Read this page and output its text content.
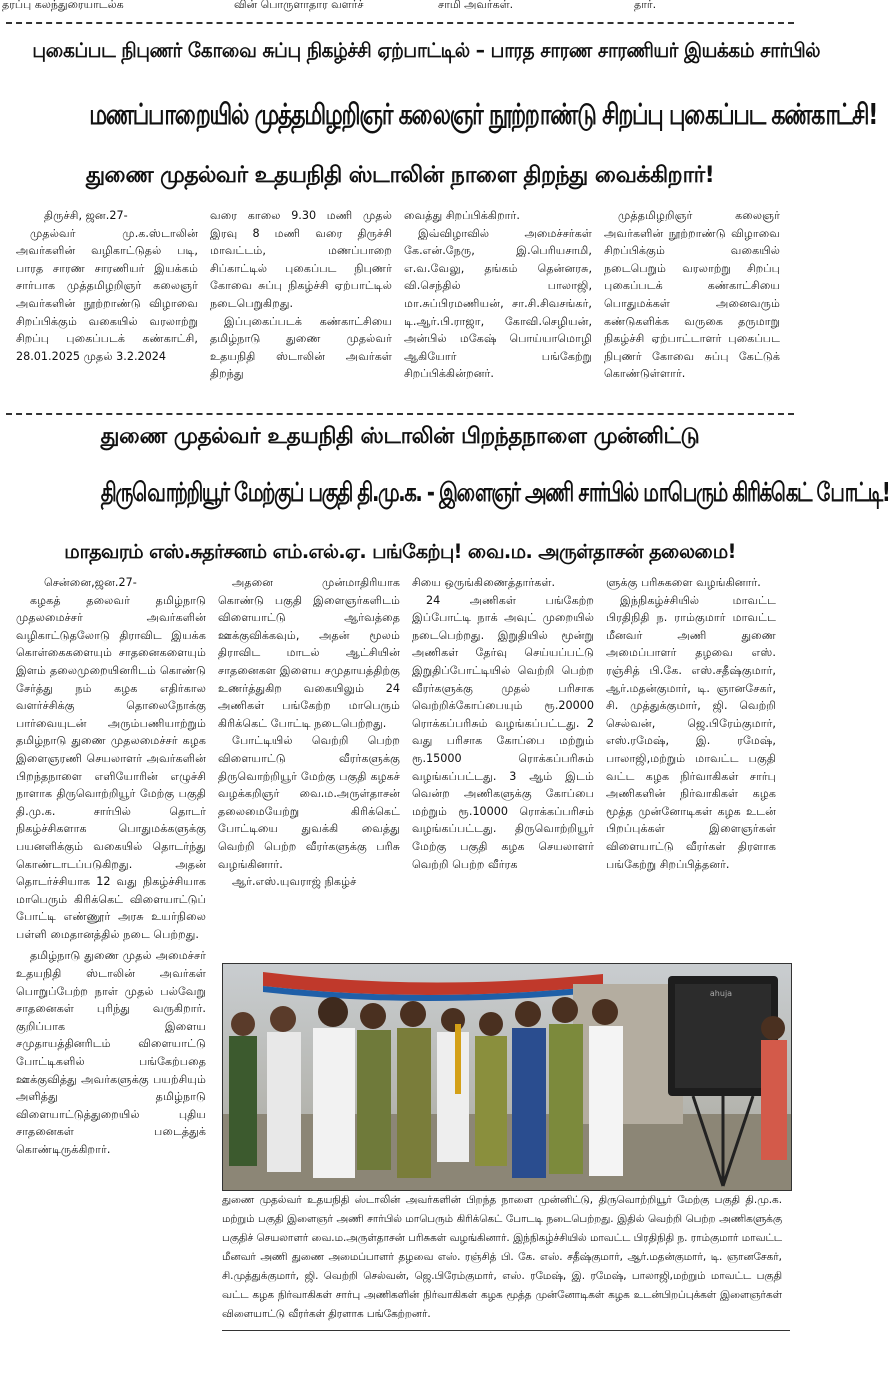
தரப்பு கலந்துரையாடல்க	வின் பொருளாதார வளர்ச்	சாமி அவர்கள்.	தார்.
புகைப்பட நிபுணர் கோவை சுப்பு நிகழ்ச்சி ஏற்பாட்டில் – பாரத சாரண சாரணியர் இயக்கம் சார்பில்
மணப்பாறையில் முத்தமிழறிஞர் கலைஞர் நூற்றாண்டு சிறப்பு புகைப்பட கண்காட்சி!
துணை முதல்வர் உதயநிதி ஸ்டாலின் நாளை திறந்து வைக்கிறார்!

திருச்சி, ஜன.27-

முதல்வர் மு.க.ஸ்டாலின் அவர்களின் வழிகாட்டுதல் படி, பாரத சாரண சாரணியர் இயக்கம் சார்பாக முத்தமிழறிஞர் கலைஞர் அவர்களின் நூற்றாண்டு விழாவை சிறப்பிக்கும் வகையில் வரலாற்று சிறப்பு புகைப்படக் கண்காட்சி, 28.01.2025 முதல் 3.2.2024

வரை காலை 9.30 மணி முதல் இரவு 8 மணி வரை திருச்சி மாவட்டம், மணப்பாறை சிப்காட்டில் புகைப்பட நிபுணர் கோவை சுப்பு நிகழ்ச்சி ஏற்பாட்டில் நடைபெறுகிறது.

இப்புகைப்படக் கண்காட்சியை தமிழ்நாடு துணை முதல்வர் உதயநிதி ஸ்டாலின் அவர்கள் திறந்து

வைத்து சிறப்பிக்கிறார்.

இவ்விழாவில் அமைச்சர்கள் கே.என்.நேரு, இ.பெரியசாமி, எ.வ.வேலு, தங்கம் தென்னரசு, வி.செந்தில் பாலாஜி, மா.சுப்பிரமணியன், சா.சி.சிவசங்கர், டி.ஆர்.பி.ராஜா, கோவி.செழியன், அன்பில் மகேஷ் பொய்யாமொழி ஆகியோர் பங்கேற்று சிறப்பிக்கின்றனர்.

முத்தமிழறிஞர் கலைஞர் அவர்களின் நூற்றாண்டு விழாவை சிறப்பிக்கும் வகையில் நடைபெறும் வரலாற்று சிறப்பு புகைப்படக் கண்காட்சியை பொதுமக்கள் அனைவரும் கண்டுகளிக்க வருகை தருமாறு நிகழ்ச்சி ஏற்பாட்டாளர் புகைப்பட நிபுணர் கோவை சுப்பு கேட்டுக் கொண்டுள்ளார்.

துணை முதல்வர் உதயநிதி ஸ்டாலின் பிறந்தநாளை முன்னிட்டு
திருவொற்றியூர் மேற்குப் பகுதி தி.மு.க. - இளைஞர் அணி சார்பில் மாபெரும் கிரிக்கெட் போட்டி!
மாதவரம் எஸ்.சுதர்சனம் எம்.எல்.ஏ. பங்கேற்பு! வை.ம. அருள்தாசன் தலைமை!

சென்னை,ஜன.27-

கழகத் தலைவர் தமிழ்நாடு முதலமைச்சர் அவர்களின் வழிகாட்டுதலோடு திராவிட இயக்க கொள்கைகளையும் சாதனைகளையும் இளம் தலைமுறையினரிடம் கொண்டு சேர்த்து நம் கழக எதிர்கால வளர்ச்சிக்கு தொலைநோக்கு பார்வையுடன் அரும்பணியாற்றும் தமிழ்நாடு துணை முதலமைச்சர் கழக இளைஞரணி செயலாளர் அவர்களின் பிறந்தநாளை எளியோரின் எழுச்சி நாளாக திருவொற்றியூர் மேற்கு பகுதி தி.மு.க. சார்பில் தொடர் நிகழ்ச்சிகளாக பொதுமக்களுக்கு பயனளிக்கும் வகையில் தொடர்ந்து கொண்டாடப்படுகிறது. அதன் தொடர்ச்சியாக 12 வது நிகழ்ச்சியாக மாபெரும் கிரிக்கெட் விளையாட்டுப் போட்டி எண்ணூர் அரசு உயர்நிலை பள்ளி மைதானத்தில் நடை பெற்றது.

தமிழ்நாடு துணை முதல் அமைச்சர் உதயநிதி ஸ்டாலின் அவர்கள் பொறுப்பேற்ற நாள் முதல் பல்வேறு சாதனைகள் புரிந்து வருகிறார். குறிப்பாக இளைய சமுதாயத்தினரிடம் விளையாட்டு போட்டிகளில் பங்கேற்பதை ஊக்குவித்து அவர்களுக்கு பயற்சியும் அளித்து தமிழ்நாடு விளையாட்டுத்துறையில் புதிய சாதனைகள் படைத்துக் கொண்டிருக்கிறார்.

அதனை முன்மாதிரியாக கொண்டு பகுதி இளைஞர்களிடம் விளையாட்டு ஆர்வத்தை ஊக்குவிக்கவும், அதன் மூலம் திராவிட மாடல் ஆட்சியின் சாதனைகள இளைய சமுதாயத்திற்கு உணர்த்துகிற வகையிலும் 24 அணிகள் பங்கேற்ற மாபெரும் கிரிக்கெட் போட்டி நடைபெற்றது.

போட்டியில் வெற்றி பெற்ற விளையாட்டு வீரர்களுக்கு திருவொற்றியூர் மேற்கு பகுதி கழகச் வழக்கறிஞர் வை.ம.அருள்தாசன் தலைமையேற்று கிரிக்கெட் போட்டியை துவக்கி வைத்து வெற்றி பெற்ற வீரர்களுக்கு பரிசு வழங்கினார்.

ஆர்.எஸ்.யுவராஜ் நிகழ்ச்

சியை ஒருங்கிணைத்தார்கள்.

24 அணிகள் பங்கேற்ற இப்போட்டி நாக் அவுட் முறையில் நடைபெற்றது. இறுதியில் மூன்று அணிகள் தேர்வு செய்யப்பட்டு இறுதிப்போட்டியில் வெற்றி பெற்ற வீரர்களுக்கு முதல் பரிசாக வெற்றிக்கோப்பையும் ரூ.20000 ரொக்கப்பரிசும் வழங்கப்பட்டது. 2 வது பரிசாக கோப்பை மற்றும் ரூ.15000 ரொக்கப்பரிசும் வழங்கப்பட்டது. 3 ஆம் இடம் வென்ற அணிகளுக்கு கோப்பை மற்றும் ரூ.10000 ரொக்கப்பரிசம் வழங்கப்பட்டது. திருவொற்றியூர் மேற்கு பகுதி கழக செயலாளர் வெற்றி பெற்ற வீர்ரக

ளுக்கு பரிசுகளை வழங்கினார்.

இந்நிகழ்ச்சியில் மாவட்ட பிரதிநிதி ந. ராம்குமார் மாவட்ட மீனவர் அணி துணை அமைப்பாளர் தழவை எஸ். ரஞ்சித் பி.கே. எஸ்.சதீஷ்குமார், ஆர்.மதன்குமார், டி. ஞானசேகர், சி. முத்துக்குமார், ஜி. வெற்றி செல்வன், ஜெ.பிரேம்குமார், எஸ்.ரமேஷ், இ. ரமேஷ், பாலாஜி,மற்றும் மாவட்ட பகுதி வட்ட கழக நிர்வாகிகள் சார்பு அணிகளின் நிர்வாகிகள் கழக மூத்த முன்னோடிகள் கழக உடன் பிறப்புக்கள் இளைஞர்கள் விளையாட்டு வீரர்கள் திரளாக பங்கேற்று சிறப்பித்தனர்.

ahuja
துணை முதல்வர் உதயநிதி ஸ்டாலின் அவர்களின் பிறந்த நாளை முன்னிட்டு, திருவொற்றியூர் மேற்கு பகுதி தி.மு.க. மற்றும் பகுதி இளைஞர் அணி சார்பில் மாபெரும் கிரிக்கெட் போடடி நடைபெற்றது. இதில் வெற்றி பெற்ற அணிகளுக்கு பகுதிச் செயலாளர் வை.ம.அருள்தாசன் பரிசுகள் வழங்கினார். இந்நிகழ்ச்சியில் மாவட்ட பிரதிநிதி ந. ராம்குமார் மாவட்ட மீனவர் அணி துணை அமைப்பாளர் தழவை எஸ். ரஞ்சித் பி. கே. எஸ். சதீஷ்குமார், ஆர்.மதன்குமார், டி. ஞானசேகர், சி.முத்துக்குமார், ஜி. வெற்றி செல்வன், ஜெ.பிரேம்குமார், எஸ். ரமேஷ், இ. ரமேஷ், பாலாஜி,மற்றும் மாவட்ட பகுதி வட்ட கழக நிர்வாகிகள் சார்பு அணிகளின் நிர்வாகிகள் கழக மூத்த முன்னோடிகள் கழக உடன்பிறப்புக்கள் இளைஞர்கள் விளையாட்டு வீரர்கள் திரளாக பங்கேற்றனர்.
